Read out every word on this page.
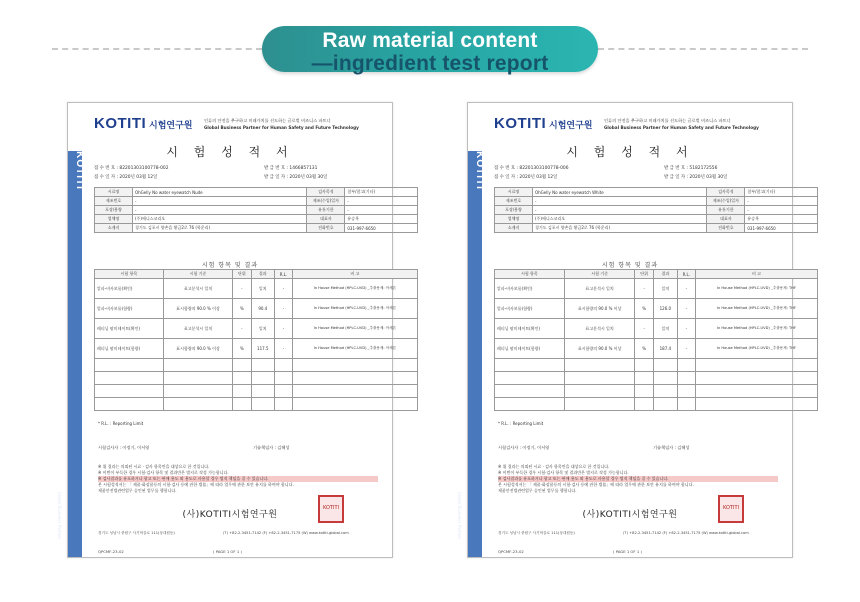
Raw material content
—ingredient test report
KOTITI
Global Business Partner
KOTITI 시험연구원
인류의 안전을 추구하고 미래가치를 선도하는 글로벌 비즈니스 파트너
Global Business Partner for Human Safety and Future Technology
시 험 성 적 서
접 수 번 호 : 82201303100778-002	발 급 번 호 : 1466857131
접 수 일 자 : 2020년 03월 12일	발 급 일 자 : 2020년 03월 30일
시료명	OhGelly No water eyewatch Nude	검사목적	참부/참고(기타)
제조번호	-	제조(수입)일자	-
포장/용량	-	유통기한	-
업체명	(주)에니스코리오	대표자	유승옥
소재지	경기도 김포시 양촌읍 황금2로 76 (학운리)	전화번호	031-997-6650
시험 항목 및 결과
시험 항목	시험 기준	단위	결과	R.L.	비 고
알파-비사보롤(확인)	표고분석시 일치	-	일치	-	In House Method (HPLC-UVD) _추출용제: 아세톤
알파-비사보롤(함량)	표시함량의 90.0 % 이상	%	90.4	-	In House Method (HPLC-UVD) _추출용제: 아세톤
레티닐 팔미테이트(확인)	표고분석시 일치	-	일치	-	In House Method (HPLC-UVD) _추출용제: 아세톤
레티닐 팔미테이트(함량)	표시함량의 90.0 % 이상	%	117.5	-	In House Method (HPLC-UVD) _추출용제: 아세톤

* R.L. : Reporting Limit
시험검사자 : 이정기, 이서영	기술책임자 : 김해성
※ 위 결과는 의뢰된 시료 · 검사 항목만을 대상으로 한 것입니다.
※ 이번이 부득한 경우 시험·검사 항목 및 결과만은 별지로 작성 가능합니다.
※ 검사결과를 유포하거나 광고 또는 판매 용도 외 용도로 사용할 경우 법적 책임을 질 수 있습니다.
본 시험성적서는 「 제품·화장품등의 시험·검사 등에 관한 법률」에 따라 업무에 관한 보안 유지를 하여야 합니다.
제품안전법관련업무 승인된 업무를 행합니다.
(사)KOTITI시험연구원
KOTITI
경기도 성남시 중원구 사기막골로 111(상대원동)	(T) +82-2-3451-7142 (F) +82-2-3451-7175 (W) www.kotiti-global.com
QPCMF-23-02	( PAGE 1 OF 1 )
KOTITI
Global Business Partner
KOTITI 시험연구원
인류의 안전을 추구하고 미래가치를 선도하는 글로벌 비즈니스 파트너
Global Business Partner for Human Safety and Future Technology
시 험 성 적 서
접 수 번 호 : 82201303100778-006	발 급 번 호 : 5182172556
접 수 일 자 : 2020년 03월 12일	발 급 일 자 : 2020년 03월 30일
시료명	OhGelly No water eyewatch White	검사목적	참부/참고(기타)
제조번호	-	제조(수입)일자	-
포장/용량	-	유통기한	-
업체명	(주)에니스코리오	대표자	유승옥
소재지	경기도 김포시 양촌읍 황금2로 76 (학운리)	전화번호	031-997-6650
시험 항목 및 결과
시험 항목	시험 기준	단위	결과	R.L.	비 고
알파-비사보롤(확인)	표고분석시 일치	-	일치	-	In House Method (HPLC-UVD) _추출용제: THF
알파-비사보롤(함량)	표시함량의 90.0 % 이상	%	126.0	-	In House Method (HPLC-UVD) _추출용제: THF
레티닐 팔미테이트(확인)	표고분석시 일치	-	일치	-	In House Method (HPLC-UVD) _추출용제: THF
레티닐 팔미테이트(함량)	표시함량의 90.0 % 이상	%	187.4	-	In House Method (HPLC-UVD) _추출용제: THF

* R.L. : Reporting Limit
시험검사자 : 이정기, 이서영	기술책임자 : 김해성
※ 위 결과는 의뢰된 시료 · 검사 항목만을 대상으로 한 것입니다.
※ 이번이 부득한 경우 시험·검사 항목 및 결과만은 별지로 작성 가능합니다.
※ 검사결과를 유포하거나 광고 또는 판매 용도 외 용도로 사용할 경우 법적 책임을 질 수 있습니다.
본 시험성적서는 「 제품·화장품등의 시험·검사 등에 관한 법률」에 따라 업무에 관한 보안 유지를 하여야 합니다.
제품안전법관련업무 승인된 업무를 행합니다.
(사)KOTITI시험연구원
KOTITI
경기도 성남시 중원구 사기막골로 111(상대원동)	(T) +82-2-3451-7142 (F) +82-2-3451-7175 (W) www.kotiti-global.com
QPCMF-23-02	( PAGE 1 OF 1 )
